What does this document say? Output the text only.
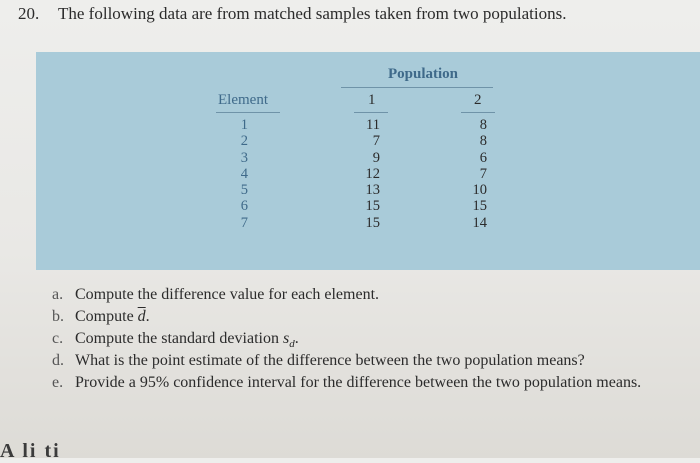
20. The following data are from matched samples taken from two populations.
Population
Element	1	2
1
2
3
4
5
6
7
11
7
9
12
13
15
15
8
8
6
7
10
15
14
a. Compute the difference value for each element.
b. Compute $\overline{d}$.
c. Compute the standard deviation $s_d$.
d. What is the point estimate of the difference between the two population means?
e. Provide a 95% confidence interval for the difference between the two population means.
A li ti
